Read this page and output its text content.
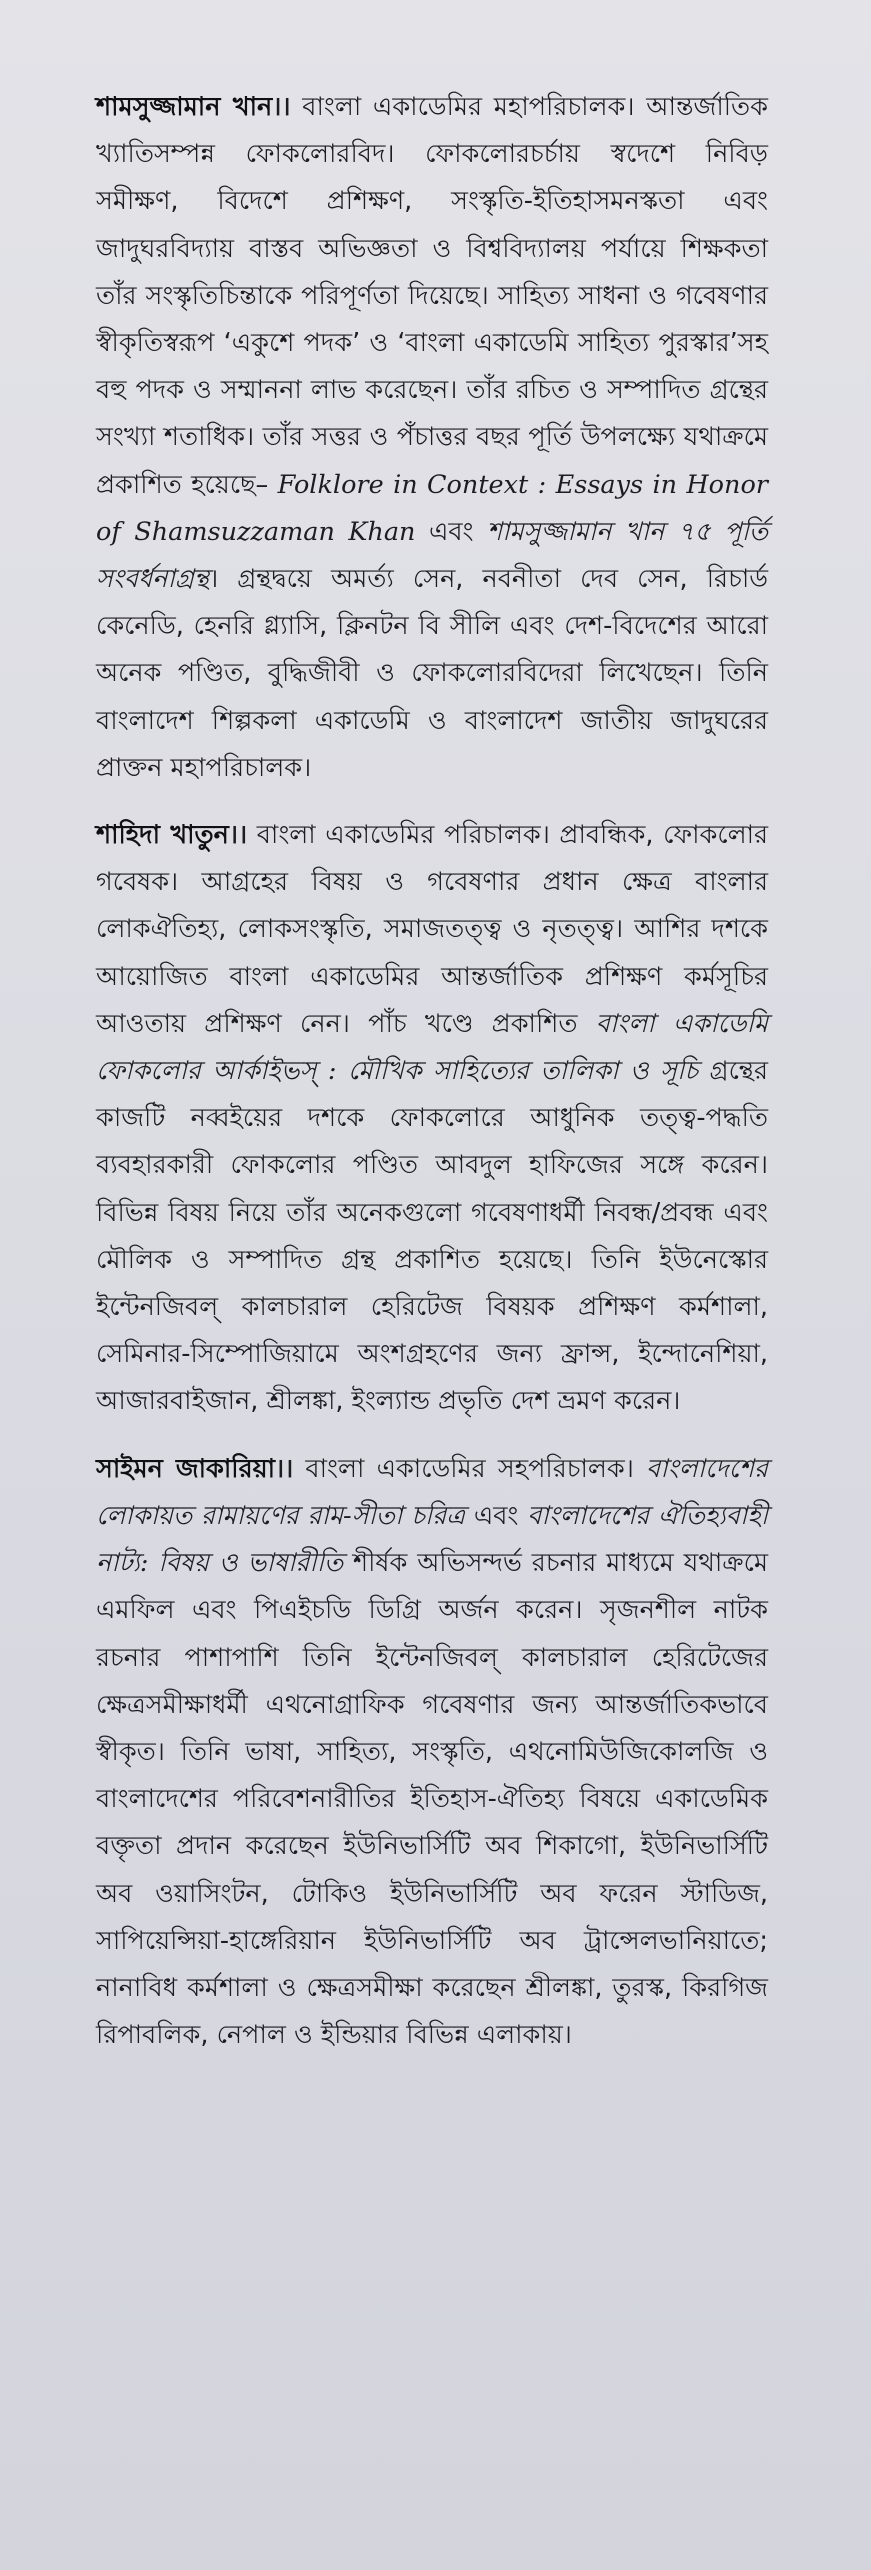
শামসুজ্জামান খান।। বাংলা একাডেমির মহাপরিচালক। আন্তর্জাতিক খ্যাতিসম্পন্ন ফোকলোরবিদ। ফোকলোরচর্চায় স্বদেশে নিবিড় সমীক্ষণ, বিদেশে প্রশিক্ষণ, সংস্কৃতি-ইতিহাসমনস্কতা এবং জাদুঘরবিদ্যায় বাস্তব অভিজ্ঞতা ও বিশ্ববিদ্যালয় পর্যায়ে শিক্ষকতা তাঁর সংস্কৃতিচিন্তাকে পরিপূর্ণতা দিয়েছে। সাহিত্য সাধনা ও গবেষণার স্বীকৃতিস্বরূপ ‘একুশে পদক’ ও ‘বাংলা একাডেমি সাহিত্য পুরস্কার’সহ বহু পদক ও সম্মাননা লাভ করেছেন। তাঁর রচিত ও সম্পাদিত গ্রন্থের সংখ্যা শতাধিক। তাঁর সত্তর ও পঁচাত্তর বছর পূর্তি উপলক্ষ্যে যথাক্রমে প্রকাশিত হয়েছে– Folklore in Context : Essays in Honor of Shamsuzzaman Khan এবং শামসুজ্জামান খান ৭৫ পূর্তি সংবর্ধনাগ্রন্থ। গ্রন্থদ্বয়ে অমর্ত্য সেন, নবনীতা দেব সেন, রিচার্ড কেনেডি, হেনরি গ্ল্যাসি, ক্লিনটন বি সীলি এবং দেশ-বিদেশের আরো অনেক পণ্ডিত, বুদ্ধিজীবী ও ফোকলোরবিদেরা লিখেছেন। তিনি বাংলাদেশ শিল্পকলা একাডেমি ও বাংলাদেশ জাতীয় জাদুঘরের প্রাক্তন মহাপরিচালক।

শাহিদা খাতুন।। বাংলা একাডেমির পরিচালক। প্রাবন্ধিক, ফোকলোর গবেষক। আগ্রহের বিষয় ও গবেষণার প্রধান ক্ষেত্র বাংলার লোকঐতিহ্য, লোকসংস্কৃতি, সমাজতত্ত্ব ও নৃতত্ত্ব। আশির দশকে আয়োজিত বাংলা একাডেমির আন্তর্জাতিক প্রশিক্ষণ কর্মসূচির আওতায় প্রশিক্ষণ নেন। পাঁচ খণ্ডে প্রকাশিত বাংলা একাডেমি ফোকলোর আর্কাইভস্ : মৌখিক সাহিত্যের তালিকা ও সূচি গ্রন্থের কাজটি নব্বইয়ের দশকে ফোকলোরে আধুনিক তত্ত্ব-পদ্ধতি ব্যবহারকারী ফোকলোর পণ্ডিত আবদুল হাফিজের সঙ্গে করেন। বিভিন্ন বিষয় নিয়ে তাঁর অনেকগুলো গবেষণাধর্মী নিবন্ধ/প্রবন্ধ এবং মৌলিক ও সম্পাদিত গ্রন্থ প্রকাশিত হয়েছে। তিনি ইউনেস্কোর ইন্টেনজিবল্ কালচারাল হেরিটেজ বিষয়ক প্রশিক্ষণ কর্মশালা, সেমিনার-সিম্পোজিয়ামে অংশগ্রহণের জন্য ফ্রান্স, ইন্দোনেশিয়া, আজারবাইজান, শ্রীলঙ্কা, ইংল্যান্ড প্রভৃতি দেশ ভ্রমণ করেন।

সাইমন জাকারিয়া।। বাংলা একাডেমির সহপরিচালক। বাংলাদেশের লোকায়ত রামায়ণের রাম-সীতা চরিত্র এবং বাংলাদেশের ঐতিহ্যবাহী নাট্য: বিষয় ও ভাষারীতি শীর্ষক অভিসন্দর্ভ রচনার মাধ্যমে যথাক্রমে এমফিল এবং পিএইচডি ডিগ্রি অর্জন করেন। সৃজনশীল নাটক রচনার পাশাপাশি তিনি ইন্টেনজিবল্ কালচারাল হেরিটেজের ক্ষেত্রসমীক্ষাধর্মী এথনোগ্রাফিক গবেষণার জন্য আন্তর্জাতিকভাবে স্বীকৃত। তিনি ভাষা, সাহিত্য, সংস্কৃতি, এথনোমিউজিকোলজি ও বাংলাদেশের পরিবেশনারীতির ইতিহাস-ঐতিহ্য বিষয়ে একাডেমিক বক্তৃতা প্রদান করেছেন ইউনিভার্সিটি অব শিকাগো, ইউনিভার্সিটি অব ওয়াসিংটন, টোকিও ইউনিভার্সিটি অব ফরেন স্টাডিজ, সাপিয়েন্সিয়া-হাঙ্গেরিয়ান ইউনিভার্সিটি অব ট্রান্সেলভানিয়াতে; নানাবিধ কর্মশালা ও ক্ষেত্রসমীক্ষা করেছেন শ্রীলঙ্কা, তুরস্ক, কিরগিজ রিপাবলিক, নেপাল ও ইন্ডিয়ার বিভিন্ন এলাকায়।
